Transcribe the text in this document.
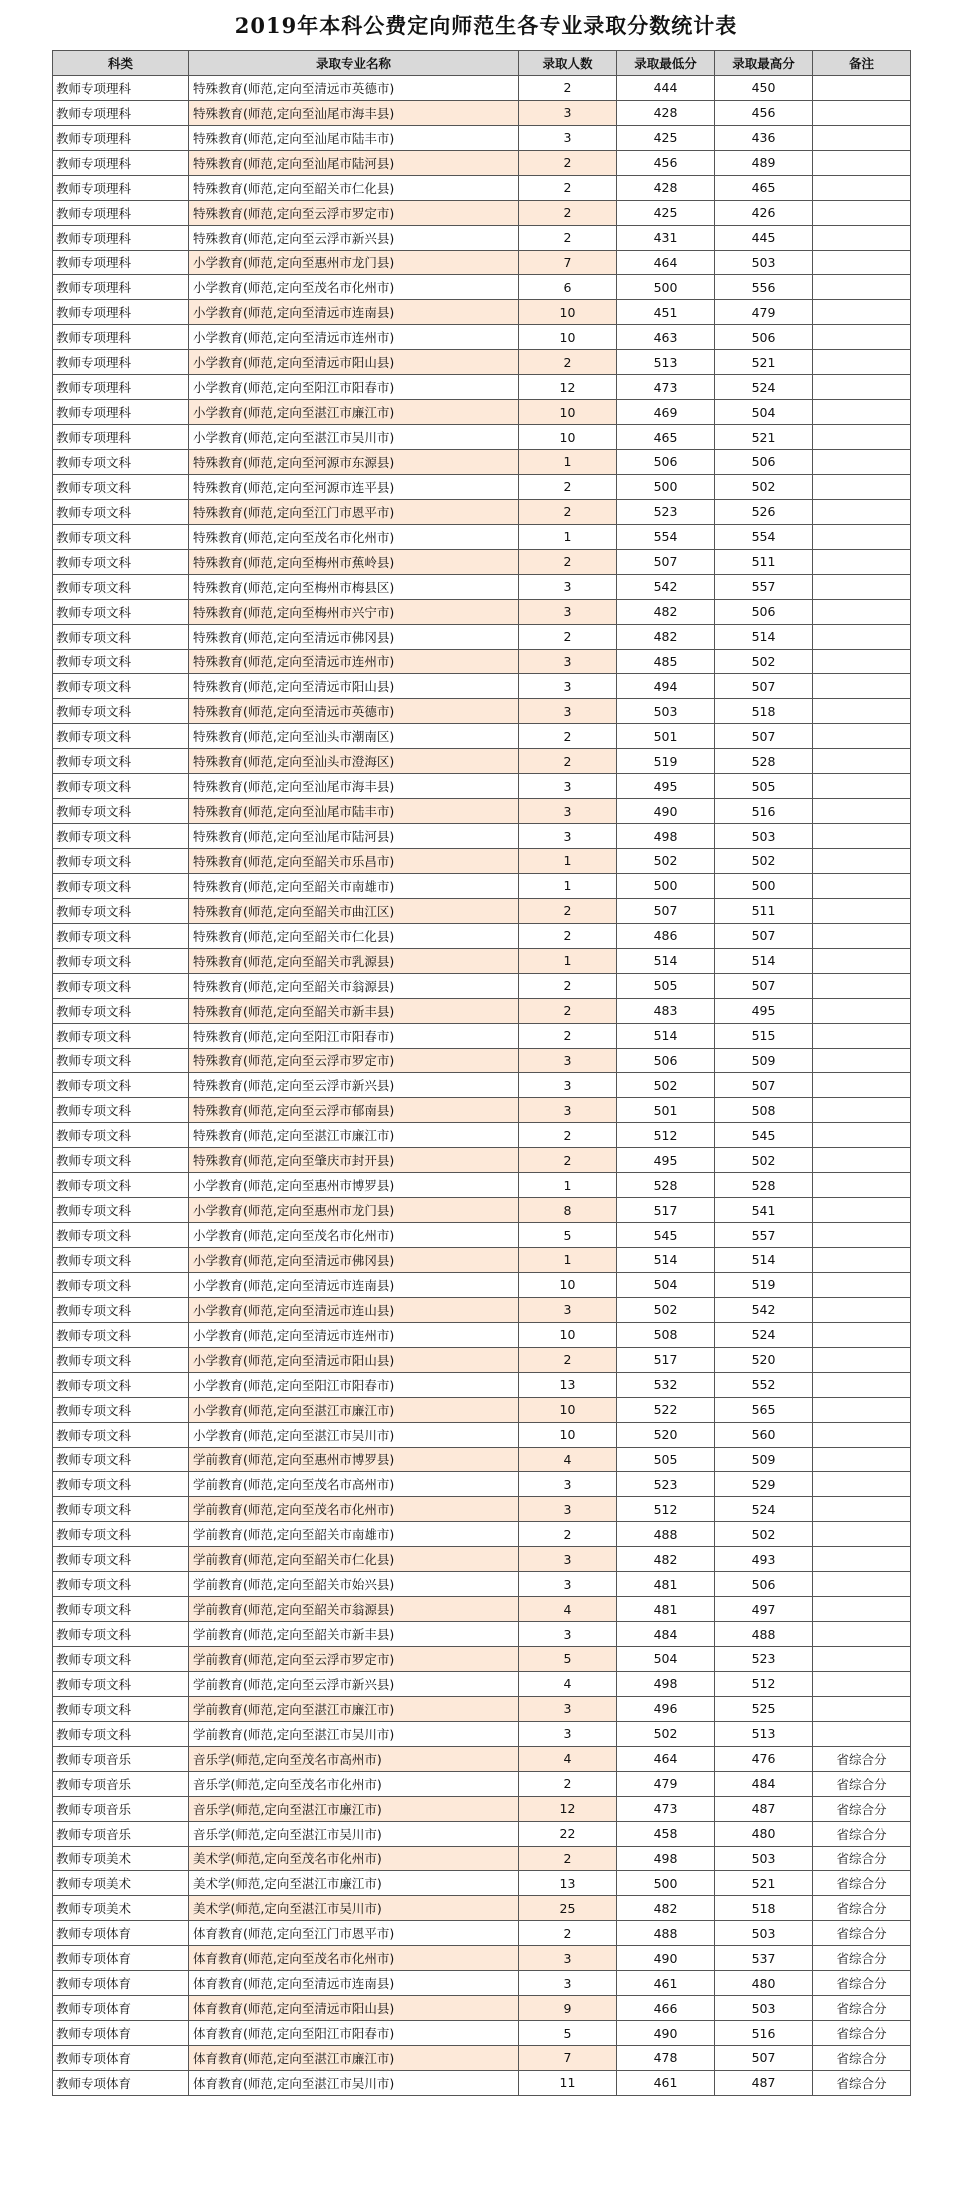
2019年本科公费定向师范生各专业录取分数统计表
科类	录取专业名称	录取人数	录取最低分	录取最高分	备注
教师专项理科	特殊教育(师范,定向至清远市英德市)	2	444	450	
教师专项理科	特殊教育(师范,定向至汕尾市海丰县)	3	428	456	
教师专项理科	特殊教育(师范,定向至汕尾市陆丰市)	3	425	436	
教师专项理科	特殊教育(师范,定向至汕尾市陆河县)	2	456	489	
教师专项理科	特殊教育(师范,定向至韶关市仁化县)	2	428	465	
教师专项理科	特殊教育(师范,定向至云浮市罗定市)	2	425	426	
教师专项理科	特殊教育(师范,定向至云浮市新兴县)	2	431	445	
教师专项理科	小学教育(师范,定向至惠州市龙门县)	7	464	503	
教师专项理科	小学教育(师范,定向至茂名市化州市)	6	500	556	
教师专项理科	小学教育(师范,定向至清远市连南县)	10	451	479	
教师专项理科	小学教育(师范,定向至清远市连州市)	10	463	506	
教师专项理科	小学教育(师范,定向至清远市阳山县)	2	513	521	
教师专项理科	小学教育(师范,定向至阳江市阳春市)	12	473	524	
教师专项理科	小学教育(师范,定向至湛江市廉江市)	10	469	504	
教师专项理科	小学教育(师范,定向至湛江市吴川市)	10	465	521	
教师专项文科	特殊教育(师范,定向至河源市东源县)	1	506	506	
教师专项文科	特殊教育(师范,定向至河源市连平县)	2	500	502	
教师专项文科	特殊教育(师范,定向至江门市恩平市)	2	523	526	
教师专项文科	特殊教育(师范,定向至茂名市化州市)	1	554	554	
教师专项文科	特殊教育(师范,定向至梅州市蕉岭县)	2	507	511	
教师专项文科	特殊教育(师范,定向至梅州市梅县区)	3	542	557	
教师专项文科	特殊教育(师范,定向至梅州市兴宁市)	3	482	506	
教师专项文科	特殊教育(师范,定向至清远市佛冈县)	2	482	514	
教师专项文科	特殊教育(师范,定向至清远市连州市)	3	485	502	
教师专项文科	特殊教育(师范,定向至清远市阳山县)	3	494	507	
教师专项文科	特殊教育(师范,定向至清远市英德市)	3	503	518	
教师专项文科	特殊教育(师范,定向至汕头市潮南区)	2	501	507	
教师专项文科	特殊教育(师范,定向至汕头市澄海区)	2	519	528	
教师专项文科	特殊教育(师范,定向至汕尾市海丰县)	3	495	505	
教师专项文科	特殊教育(师范,定向至汕尾市陆丰市)	3	490	516	
教师专项文科	特殊教育(师范,定向至汕尾市陆河县)	3	498	503	
教师专项文科	特殊教育(师范,定向至韶关市乐昌市)	1	502	502	
教师专项文科	特殊教育(师范,定向至韶关市南雄市)	1	500	500	
教师专项文科	特殊教育(师范,定向至韶关市曲江区)	2	507	511	
教师专项文科	特殊教育(师范,定向至韶关市仁化县)	2	486	507	
教师专项文科	特殊教育(师范,定向至韶关市乳源县)	1	514	514	
教师专项文科	特殊教育(师范,定向至韶关市翁源县)	2	505	507	
教师专项文科	特殊教育(师范,定向至韶关市新丰县)	2	483	495	
教师专项文科	特殊教育(师范,定向至阳江市阳春市)	2	514	515	
教师专项文科	特殊教育(师范,定向至云浮市罗定市)	3	506	509	
教师专项文科	特殊教育(师范,定向至云浮市新兴县)	3	502	507	
教师专项文科	特殊教育(师范,定向至云浮市郁南县)	3	501	508	
教师专项文科	特殊教育(师范,定向至湛江市廉江市)	2	512	545	
教师专项文科	特殊教育(师范,定向至肇庆市封开县)	2	495	502	
教师专项文科	小学教育(师范,定向至惠州市博罗县)	1	528	528	
教师专项文科	小学教育(师范,定向至惠州市龙门县)	8	517	541	
教师专项文科	小学教育(师范,定向至茂名市化州市)	5	545	557	
教师专项文科	小学教育(师范,定向至清远市佛冈县)	1	514	514	
教师专项文科	小学教育(师范,定向至清远市连南县)	10	504	519	
教师专项文科	小学教育(师范,定向至清远市连山县)	3	502	542	
教师专项文科	小学教育(师范,定向至清远市连州市)	10	508	524	
教师专项文科	小学教育(师范,定向至清远市阳山县)	2	517	520	
教师专项文科	小学教育(师范,定向至阳江市阳春市)	13	532	552	
教师专项文科	小学教育(师范,定向至湛江市廉江市)	10	522	565	
教师专项文科	小学教育(师范,定向至湛江市吴川市)	10	520	560	
教师专项文科	学前教育(师范,定向至惠州市博罗县)	4	505	509	
教师专项文科	学前教育(师范,定向至茂名市高州市)	3	523	529	
教师专项文科	学前教育(师范,定向至茂名市化州市)	3	512	524	
教师专项文科	学前教育(师范,定向至韶关市南雄市)	2	488	502	
教师专项文科	学前教育(师范,定向至韶关市仁化县)	3	482	493	
教师专项文科	学前教育(师范,定向至韶关市始兴县)	3	481	506	
教师专项文科	学前教育(师范,定向至韶关市翁源县)	4	481	497	
教师专项文科	学前教育(师范,定向至韶关市新丰县)	3	484	488	
教师专项文科	学前教育(师范,定向至云浮市罗定市)	5	504	523	
教师专项文科	学前教育(师范,定向至云浮市新兴县)	4	498	512	
教师专项文科	学前教育(师范,定向至湛江市廉江市)	3	496	525	
教师专项文科	学前教育(师范,定向至湛江市吴川市)	3	502	513	
教师专项音乐	音乐学(师范,定向至茂名市高州市)	4	464	476	省综合分
教师专项音乐	音乐学(师范,定向至茂名市化州市)	2	479	484	省综合分
教师专项音乐	音乐学(师范,定向至湛江市廉江市)	12	473	487	省综合分
教师专项音乐	音乐学(师范,定向至湛江市吴川市)	22	458	480	省综合分
教师专项美术	美术学(师范,定向至茂名市化州市)	2	498	503	省综合分
教师专项美术	美术学(师范,定向至湛江市廉江市)	13	500	521	省综合分
教师专项美术	美术学(师范,定向至湛江市吴川市)	25	482	518	省综合分
教师专项体育	体育教育(师范,定向至江门市恩平市)	2	488	503	省综合分
教师专项体育	体育教育(师范,定向至茂名市化州市)	3	490	537	省综合分
教师专项体育	体育教育(师范,定向至清远市连南县)	3	461	480	省综合分
教师专项体育	体育教育(师范,定向至清远市阳山县)	9	466	503	省综合分
教师专项体育	体育教育(师范,定向至阳江市阳春市)	5	490	516	省综合分
教师专项体育	体育教育(师范,定向至湛江市廉江市)	7	478	507	省综合分
教师专项体育	体育教育(师范,定向至湛江市吴川市)	11	461	487	省综合分
